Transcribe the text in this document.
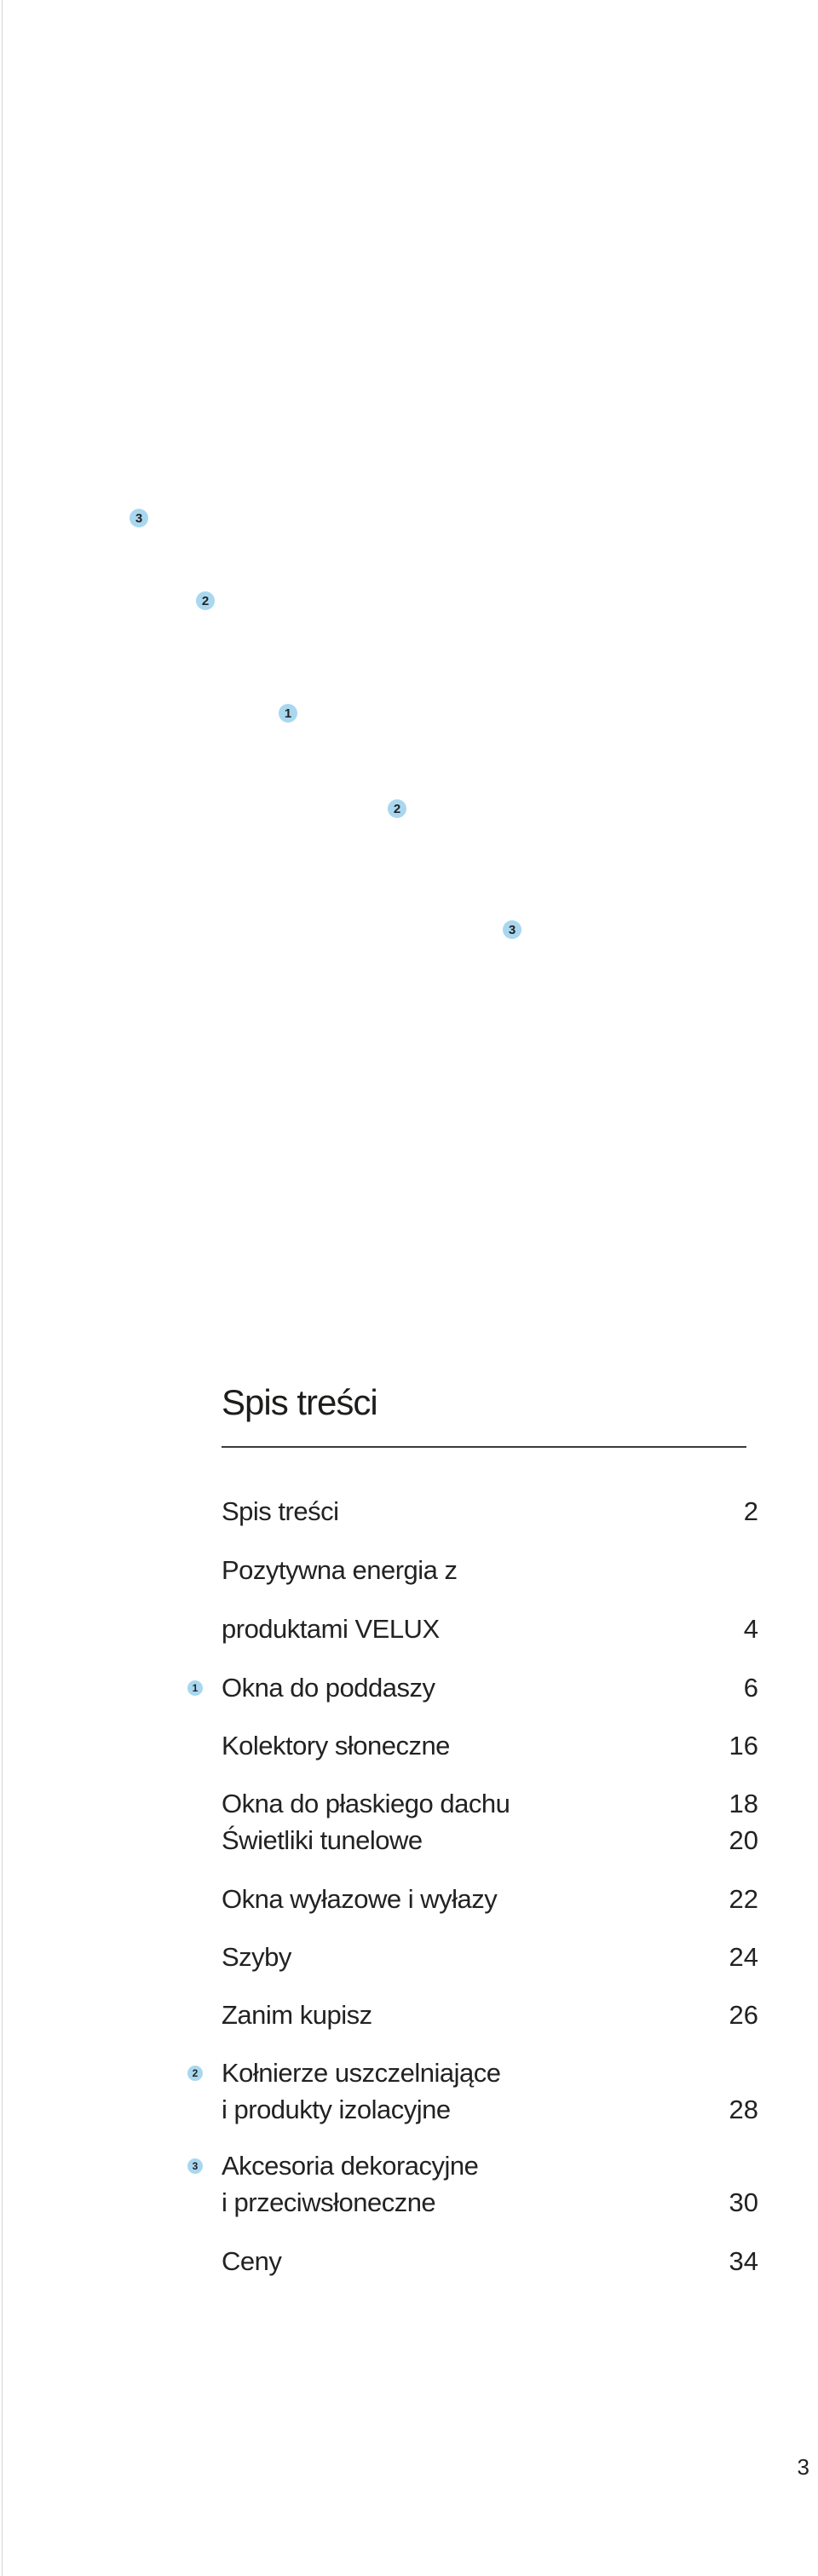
3
2
1
2
3
Spis treści
Spis treści	2
Pozytywna energia z
produktami VELUX	4
1 Okna do poddaszy	6
Kolektory słoneczne	16
Okna do płaskiego dachu	18
Świetliki tunelowe	20
Okna wyłazowe i wyłazy	22
Szyby	24
Zanim kupisz	26
2 Kołnierze uszczelniające
i produkty izolacyjne	28
3 Akcesoria dekoracyjne
i przeciwsłoneczne	30
Ceny	34
3
